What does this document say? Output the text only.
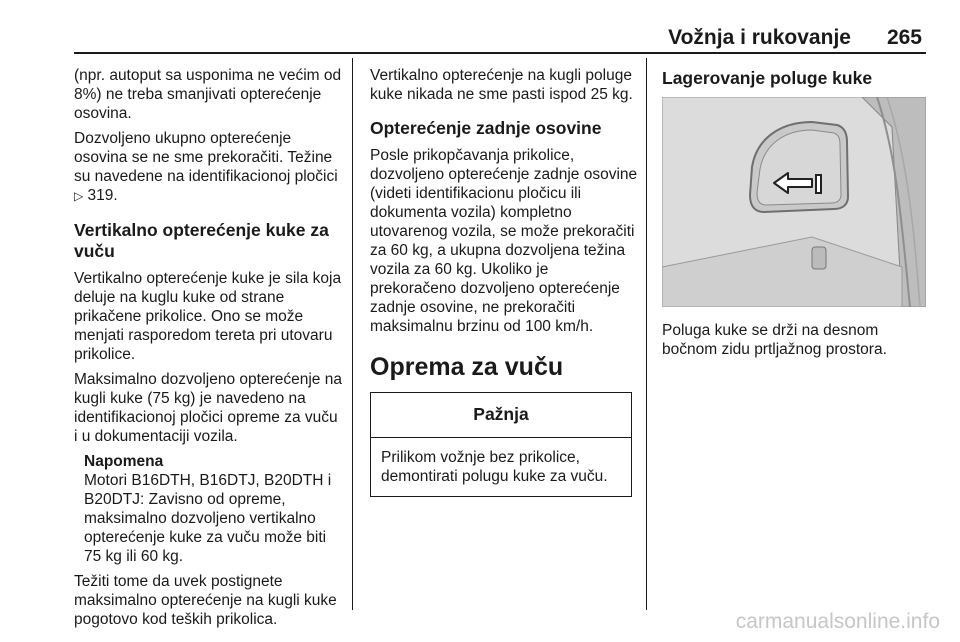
Vožnja i rukovanje 265

(npr. autoput sa usponima ne većim od 8%) ne treba smanjivati opterećenje osovina.

Dozvoljeno ukupno opterećenje osovina se ne sme prekoračiti. Težine su navedene na identifikacionoj pločici ▷ 319.

Vertikalno opterećenje kuke za vuču

Vertikalno opterećenje kuke je sila koja deluje na kuglu kuke od strane prikačene prikolice. Ono se može menjati rasporedom tereta pri utovaru prikolice.

Maksimalno dozvoljeno opterećenje na kugli kuke (75 kg) je navedeno na identifikacionoj pločici opreme za vuču i u dokumentaciji vozila.

Napomena

Motori B16DTH, B16DTJ, B20DTH i B20DTJ: Zavisno od opreme, maksimalno dozvoljeno vertikalno opterećenje kuke za vuču može biti 75 kg ili 60 kg.

Težiti tome da uvek postignete maksimalno opterećenje na kugli kuke pogotovo kod teških prikolica.

Vertikalno opterećenje na kugli poluge kuke nikada ne sme pasti ispod 25 kg.

Opterećenje zadnje osovine

Posle prikopčavanja prikolice, dozvoljeno opterećenje zadnje osovine (videti identifikacionu pločicu ili dokumenta vozila) kompletno utovarenog vozila, se može prekoračiti za 60 kg, a ukupna dozvoljena težina vozila za 60 kg. Ukoliko je prekoračeno dozvoljeno opterećenje zadnje osovine, ne prekoračiti maksimalnu brzinu od 100 km/h.

Oprema za vuču
Pažnja
Prilikom vožnje bez prikolice, demontirati polugu kuke za vuču.
Lagerovanje poluge kuke

Poluga kuke se drži na desnom bočnom zidu prtljažnog prostora.

carmanualsonline.info
